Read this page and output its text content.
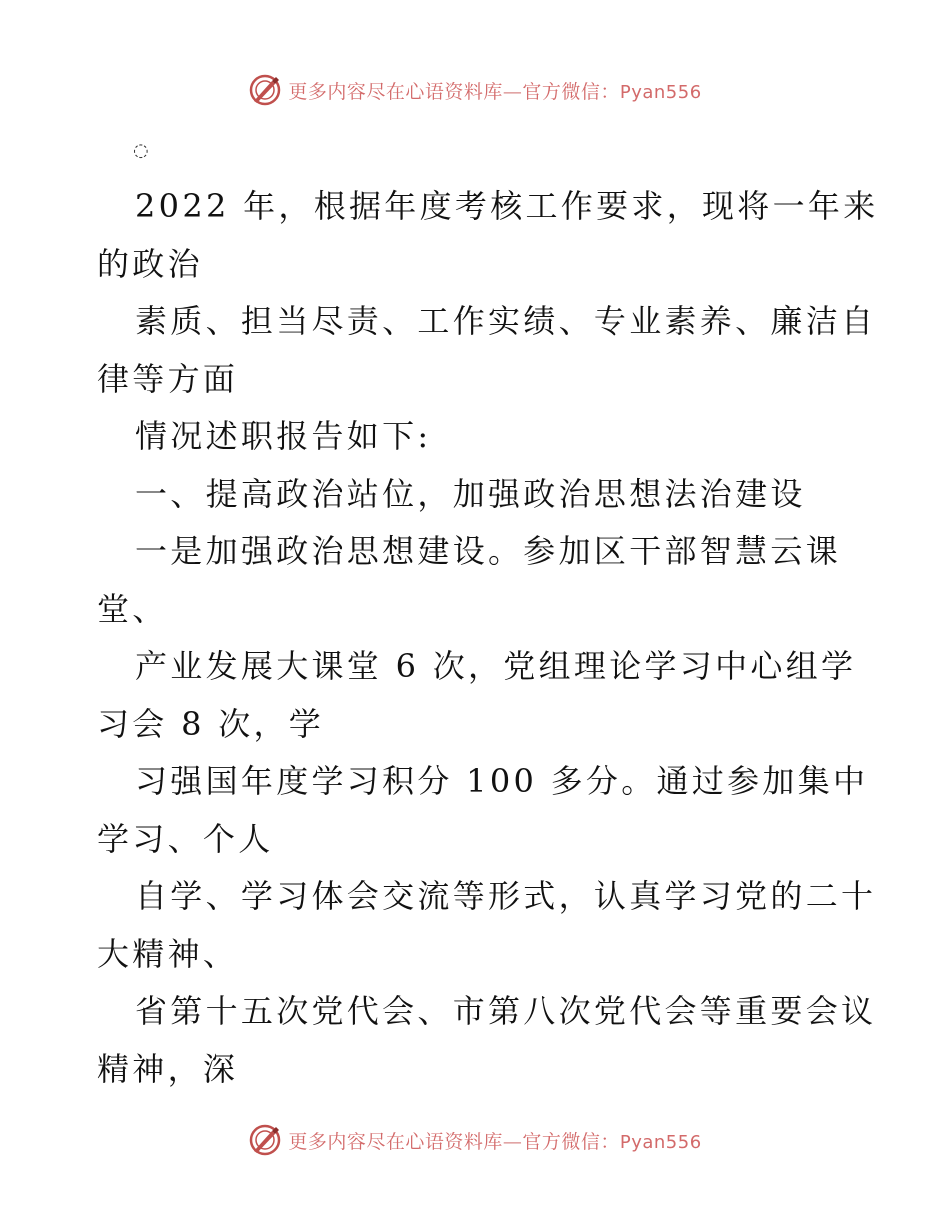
更多内容尽在心语资料库—官方微信：Pyan556
◌
2022 年，根据年度考核工作要求，现将一年来
的政治
素质、担当尽责、工作实绩、专业素养、廉洁自
律等方面
情况述职报告如下:
一、提高政治站位，加强政治思想法治建设
一是加强政治思想建设。参加区干部智慧云课
堂、
产业发展大课堂 6 次，党组理论学习中心组学
习会 8 次，学
习强国年度学习积分 100 多分。通过参加集中
学习、个人
自学、学习体会交流等形式，认真学习党的二十
大精神、
省第十五次党代会、市第八次党代会等重要会议
精神，深
更多内容尽在心语资料库—官方微信：Pyan556
